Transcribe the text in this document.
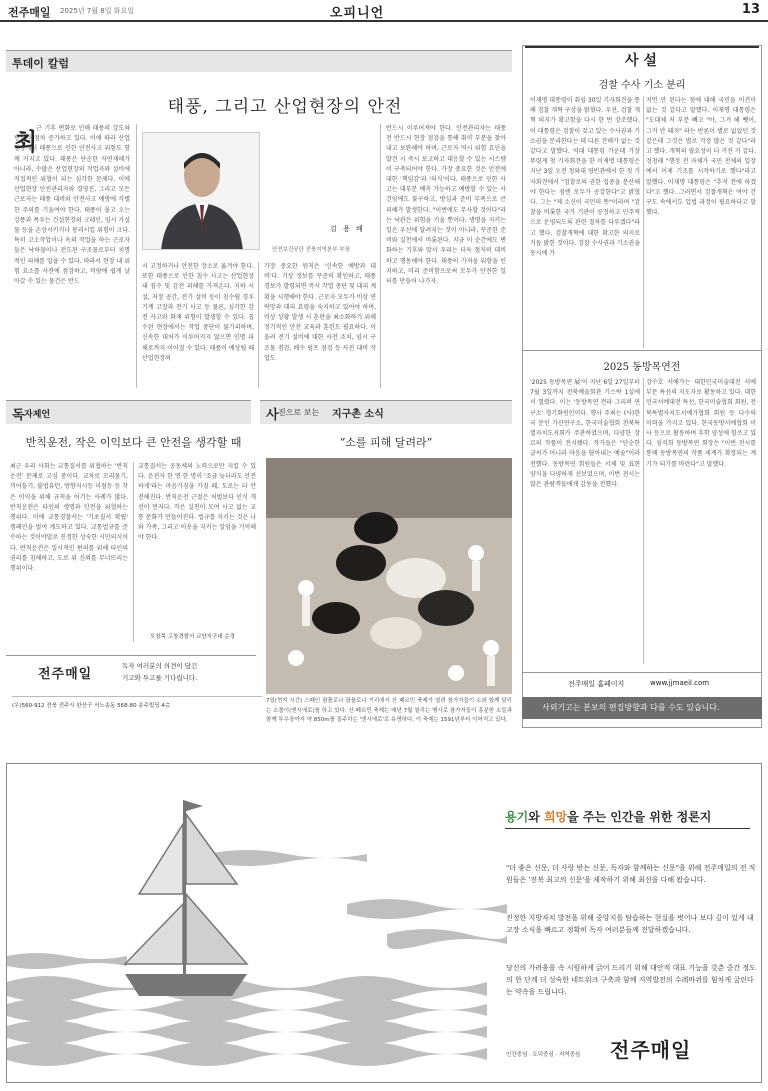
전주매일 2025년 7월 8일 화요일	오피니언	13
투데이 칼럼
태풍, 그리고 산업현장의 안전
최
근 기후 변화로 인해 태풍의 강도와 빈도가 점차 증가하고 있다. 이에 따라 산업현장에서 태풍으로 인한 안전사고 위험도 함께 커지고 있다. 태풍은 단순한 자연재해가 아니라, 수많은 산업현장의 작업자와 설비에 직접적인 위협이 되는 심각한 문제다. 이에 산업현장 안전관리자와 경영진, 그리고 모든 근로자는 태풍 대비와 안전사고 예방에 각별한 주의를 기울여야 한다. 태풍이 몰고 오는 강풍과 폭우는 건설현장의 크레인, 임시 가설물 등을 손상시키거나 붕괴시킬 위험이 크다. 특히 고소작업이나 옥외 작업을 하는 근로자들은 낙하물이나 전도된 구조물로부터 치명적인 피해를 입을 수 있다. 따라서 현장 내 위험 요소를 사전에 점검하고, 비람에 쉽게 날아갈 수 있는 물건은 반드
김 용 배
안전보건공단 전북지역본부 부장
시 고정하거나 안전한 장소로 옮겨야 한다. 또한 태풍으로 인한 침수 사고는 산업현장 내 침수 및 감전 피해를 가져온다. 지하 시설, 저장 공간, 전기 설비 등이 침수될 경우 기계 고장과 전기 사고 등 물론, 심각한 감전 사고와 화재 위험이 발생할 수 있다. 침수된 현장에서는 작업 중단이 불가피하며, 신속한 대처가 이루어지지 않으면 인명 피해로까지 이어질 수 있다. 태풍이 예상될 때 산업현장의
가장 중요한 원칙은 '신속한 예방과 대비'다. 기상 정보를 꾸준히 확인하고, 태풍 경보가 발령되면 즉시 작업 중단 및 대피 계획을 시행해야 한다. 근로자 모두가 비상 연락망과 대피 요령을 숙지하고 있어야 하며, 비상 상황 발생 시 혼란을 최소화하기 위해 정기적인 안전 교육과 훈련도 필요하다. 이울러 전기 설비에 대한 사전 조치, 임시 구조물 점검, 배수 펌프 점검 등 사전 대비 작업도
반드시 이루어져야 한다. 안전관리자는 태풍 전 반드시 현장 점검을 통해 취약 부분을 찾아내고 보완해야 하며, 근로자 역시 위험 요인을 발견 시 즉시 보고하고 대응할 수 있는 시스템이 구축되어야 한다. 가장 중요한 것은 안전에 대한 '책임감'과 '의식'이다. 태풍으로 인한 사고는 대부분 예측 가능하고 예방할 수 있는 사건임에도 불구하고, 방심과 준비 부족으로 큰 피해가 발생한다. "이번에도 무사할 것이다"라는 낙관은 위험을 키울 뿐이다. 생명을 지키는 일은 우선에 달려지는 것이 아니라, 꾸준한 준비와 실천에서 비롯된다. 지금 이 순간에도 변화하는 기후와 맞서 우리는 더욱 철저히 대비하고 행동해야 한다. 태풍이 가져올 위험을 인지하고, 미리 준비함으로써 모두가 안전한 일터를 만들어 나가자.
사 설
검찰 수사 기소 분리
이재명 대통령이 취임 30일 기자회견을 통해 검찰 개혁 구상을 밝혔다. 우선, 검찰 개혁 의지가 확고함을 다시 한 번 강조했다. 이 대통령은 검찰이 갖고 있는 수사권과 기소권을 분리한다는 데 다른 견해가 없는 것 같다고 말했다. 역대 대통령 가운데 가장 뚜렷게 첫 기자회견을 한 이재명 대통령은 지난 3일 오전 청와대 영빈관에서 한 첫 기자회견에서 "검찰로의 권한 집중을 분산해야 한다는 점엔 모두가 공감한다"고 밝혔다. 그는 "제 소신이 국민의 뜻"이라며 "검찰을 비롯한 국가 기관이 공정하고 민주적으로 운영되도록 관련 절차를 다루겠다"라고 했다. 검찰개혁에 대한 확고한 의지로 거듭 밝힌 것이다. 검찰 수사권과 기소권을 동시에 가
지면 안 된다는 점에 대해 국민들 이견이 없는 것 같다고 말했다. 이재명 대통령은 "도대체 저 부분 빼고 "아, 그거 해 뺏어, 그거 안 돼지" 라는 반론이 별로 없었던 것 같은데 그것은 별로 걱정 많은 것 같다"라고 했다. 개혁의 필요성이 더 커진 거 같다. 정청래 "행정 전 자체가 국민 전체의 입장에서 이제 기조를 시작하기로 했다"라고 말했다. 이재명 대통령은 "추석 전에 하겠다"고 했다. 그러면서 검찰개혁은 여야 간 구도 속에서도 입법 과정이 필요하다고 말했다.
2025 동방목연전
'2025 동방목연 展'이 지난 6일 27일부터 7월 3일까지 전북예술회관 기스락 1실에서 열렸다. 이는 '동방목연 전라 그리퍼 연구소' 경기화원인이다. 행사 주최는 (사)한국 문인 가산연구소, 한국미술협회 전북특별자치도지회가 주관하였으며, 다양한 장르의 작품이 전시됐다. 작가들은 "단순한 글씨가 아니라 마음을 담아내는 예술"이라 전했다. 동방목연 회원들은 서체 및 표현 양식을 다양하게 선보였으며, 이번 전시는 많은 관람객들에게 감동을 전했다.
강수호 서예가는 대한민국미술대전 서예부문 특선의 지도자로 활동하고 있다. 대한민국서예대전 특선, 한국미술협회 회원, 전북특별자치도서예가협회 회원 등 다수의 이력을 가지고 있다. 한국동방서예협회 이사 등으로 활동하며 후학 양성에 힘쓰고 있다. 임석희 동방목연 회장은 "이번 전시를 통해 동방목연의 작품 세계가 확장되는 계기가 되기를 바란다"고 말했다.
전주매일 홈페이지	www.jjmaeil.com
사외기고는 본보의 편집방향과 다를 수도 있습니다.
독 자제언
반칙운전, 작은 이익보다 큰 안전을 생각할 때
최근 우리 사회는 교통질서를 위협하는 '반칙운전' 문제로 고심 중이다. 교차로 꼬리물기, 끼어들기, 불법유턴, 방향지시등 미점등 등 작은 이익을 위해 규칙을 어기는 사례가 많다. 반칙운전은 타인의 생명과 안전을 위협하는 행위다. 이에 교통경찰서는 '기초질서 확립' 캠페인을 벌여 계도하고 있다. 교통법규를 준수하는 것이야말로 진정한 성숙한 시민의식이다. 반칙운전은 일시적인 편의를 위해 타인의 권리를 침해하고, 도로 위 신뢰를 무너뜨리는 행위이다.
교통질서는 공동체의 노력으로만 지킬 수 있다. 운전자 한 명 한 명이 '조금 늦더라도 안전하게'라는 마음가짐을 가질 때, 도로는 더 안전해진다. 반칙운전 근절은 처벌보다 인식 개선이 먼저다. 작은 실천이 모여 사고 없는 교통 문화가 만들어진다. 법규를 지키는 것은 나와 가족, 그리고 이웃을 지키는 일임을 기억해야 한다.
오창목 고창경찰서 교양지구대 순경
사 진으로 보는 지구촌 소식
“소를 피해 달려라”
7일(현지 시간) 스페인 팜플로나 팜플로나 거리에서 산 페르민 축제가 열려 참가자들이 소와 함께 달리는 소몰이(엔시에로)를 하고 있다. 산 페르민 축제는 매년 7월 열리는 행사로 참가자들이 흥분한 소들과 함께 투우장까지 약 850m를 질주하는 '엔시에로'로 유명하다. 이 축제는 1591년부터 이어지고 있다.
전주매일
독자 여러분의 의견이 담긴
기고와 투고를 기다립니다.
(우)560-912 전북 전주시 완산구 서노송동 568-80 송주빌딩 4층
용기와 희망을 주는 인간을 위한 정론지
"더 좋은 신문, 더 사랑 받는 신문, 독자와 함께하는 신문"을 위해 전주매일의 전 직원들은 '전북 최고의 신문'을 제작하기 위해 최선을 다해 왔습니다.
진정한 지방자치 발전을 위해 중앙지를 탐습하는 현실을 벗어나 보다 깊이 있게 내 고장 소식을 빠르고 정확히 독자 여러분들께 전달하겠습니다.
당신의 가려움을 속 시원하게 긁어 드리기 위해 대안적 대표 기능을 갖춘 중간 정도의 한 단계 더 성숙한 네트워크 구축과 함께 지역발전의 수레바퀴를 힘차게 굴린다는 약속을 드립니다.
인간중심 · 도덕중심 · 지역중심 전주매일
